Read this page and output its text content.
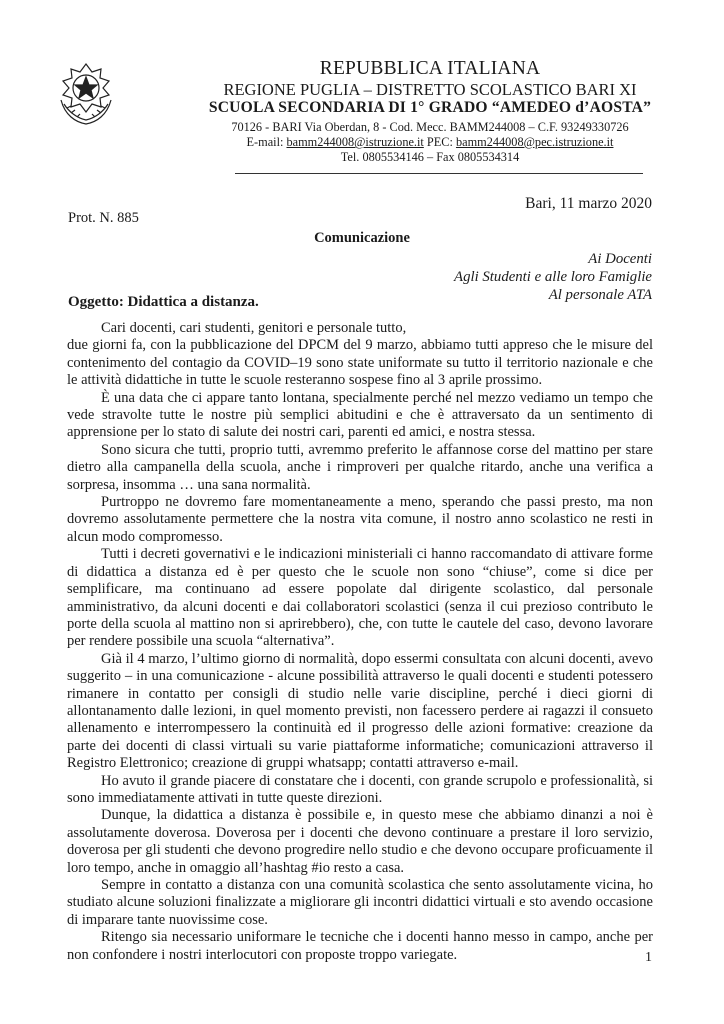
REPUBBLICA ITALIANA
REGIONE PUGLIA – DISTRETTO SCOLASTICO BARI XI
SCUOLA SECONDARIA DI 1° GRADO “AMEDEO d’AOSTA”
70126 - BARI Via Oberdan, 8 - Cod. Mecc. BAMM244008 – C.F. 93249330726
E-mail: bamm244008@istruzione.it PEC: bamm244008@pec.istruzione.it
Tel. 0805534146 – Fax 0805534314
Bari, 11 marzo 2020
Prot. N. 885
Comunicazione
Ai Docenti
Agli Studenti e alle loro Famiglie
Al personale ATA
Oggetto: Didattica a distanza.

Cari docenti, cari studenti, genitori e personale tutto,

due giorni fa, con la pubblicazione del DPCM del 9 marzo, abbiamo tutti appreso che le misure del contenimento del contagio da COVID–19 sono state uniformate su tutto il territorio nazionale e che le attività didattiche in tutte le scuole resteranno sospese fino al 3 aprile prossimo.

È una data che ci appare tanto lontana, specialmente perché nel mezzo vediamo un tempo che vede stravolte tutte le nostre più semplici abitudini e che è attraversato da un sentimento di apprensione per lo stato di salute dei nostri cari, parenti ed amici, e nostra stessa.

Sono sicura che tutti, proprio tutti, avremmo preferito le affannose corse del mattino per stare dietro alla campanella della scuola, anche i rimproveri per qualche ritardo, anche una verifica a sorpresa, insomma … una sana normalità.

Purtroppo ne dovremo fare momentaneamente a meno, sperando che passi presto, ma non dovremo assolutamente permettere che la nostra vita comune, il nostro anno scolastico ne resti in alcun modo compromesso.

Tutti i decreti governativi e le indicazioni ministeriali ci hanno raccomandato di attivare forme di didattica a distanza ed è per questo che le scuole non sono “chiuse”, come si dice per semplificare, ma continuano ad essere popolate dal dirigente scolastico, dal personale amministrativo, da alcuni docenti e dai collaboratori scolastici (senza il cui prezioso contributo le porte della scuola al mattino non si aprirebbero), che, con tutte le cautele del caso, devono lavorare per rendere possibile una scuola “alternativa”.

Già il 4 marzo, l’ultimo giorno di normalità, dopo essermi consultata con alcuni docenti, avevo suggerito – in una comunicazione - alcune possibilità attraverso le quali docenti e studenti potessero rimanere in contatto per consigli di studio nelle varie discipline, perché i dieci giorni di allontanamento dalle lezioni, in quel momento previsti, non facessero perdere ai ragazzi il consueto allenamento e interrompessero la continuità ed il progresso delle azioni formative: creazione da parte dei docenti di classi virtuali su varie piattaforme informatiche; comunicazioni attraverso il Registro Elettronico; creazione di gruppi whatsapp; contatti attraverso e-mail.

Ho avuto il grande piacere di constatare che i docenti, con grande scrupolo e professionalità, si sono immediatamente attivati in tutte queste direzioni.

Dunque, la didattica a distanza è possibile e, in questo mese che abbiamo dinanzi a noi è assolutamente doverosa. Doverosa per i docenti che devono continuare a prestare il loro servizio, doverosa per gli studenti che devono progredire nello studio e che devono occupare proficuamente il loro tempo, anche in omaggio all’hashtag #io resto a casa.

Sempre in contatto a distanza con una comunità scolastica che sento assolutamente vicina, ho studiato alcune soluzioni finalizzate a migliorare gli incontri didattici virtuali e sto avendo occasione di imparare tante nuovissime cose.

Ritengo sia necessario uniformare le tecniche che i docenti hanno messo in campo, anche per non confondere i nostri interlocutori con proposte troppo variegate.	1
